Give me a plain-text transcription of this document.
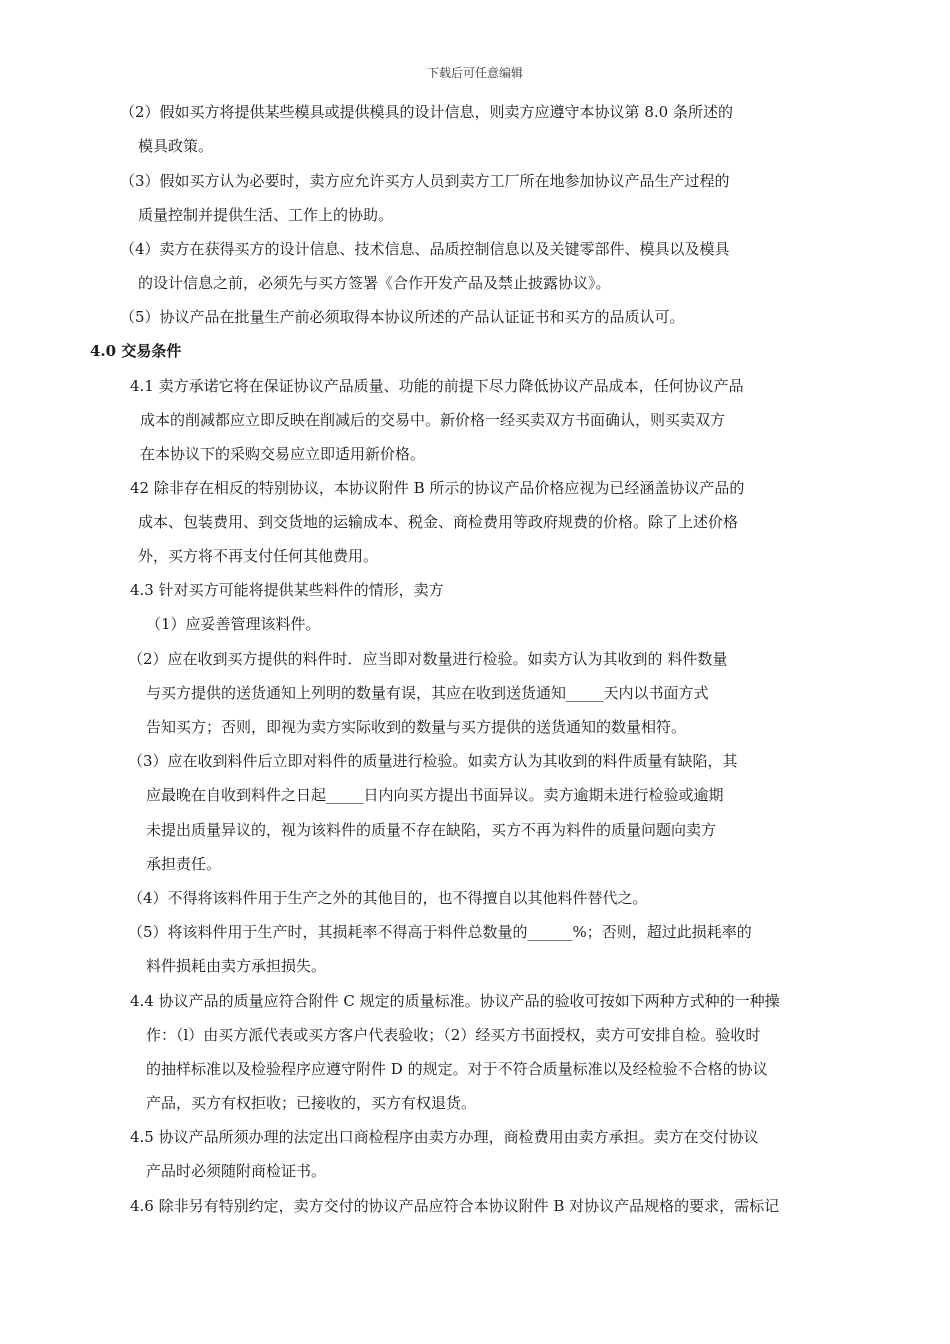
下载后可任意编辑
（2）假如买方将提供某些模具或提供模具的设计信息，则卖方应遵守本协议第 8.0 条所述的
模具政策。
（3）假如买方认为必要时，卖方应允许买方人员到卖方工厂所在地参加协议产品生产过程的
质量控制并提供生活、工作上的协助。
（4）卖方在获得买方的设计信息、技术信息、品质控制信息以及关键零部件、模具以及模具
的设计信息之前，必须先与买方签署《合作开发产品及禁止披露协议》。
（5）协议产品在批量生产前必须取得本协议所述的产品认证证书和买方的品质认可。
4.0 交易条件
4.1 卖方承诺它将在保证协议产品质量、功能的前提下尽力降低协议产品成本，任何协议产品
成本的削减都应立即反映在削减后的交易中。新价格一经买卖双方书面确认，则买卖双方
在本协议下的采购交易应立即适用新价格。
42 除非存在相反的特别协议，本协议附件 B 所示的协议产品价格应视为已经涵盖协议产品的
成本、包装费用、到交货地的运输成本、税金、商检费用等政府规费的价格。除了上述价格
外，买方将不再支付任何其他费用。
4.3 针对买方可能将提供某些料件的情形，卖方
（1）应妥善管理该料件。
（2）应在收到买方提供的料件时．应当即对数量进行检验。如卖方认为其收到的 料件数量
与买方提供的送货通知上列明的数量有误，其应在收到送货通知_____天内以书面方式
告知买方；否则，即视为卖方实际收到的数量与买方提供的送货通知的数量相符。
（3）应在收到料件后立即对料件的质量进行检验。如卖方认为其收到的料件质量有缺陷，其
应最晚在自收到料件之日起_____日内向买方提出书面异议。卖方逾期未进行检验或逾期
未提出质量异议的，视为该料件的质量不存在缺陷，买方不再为料件的质量问题向卖方
承担责任。
（4）不得将该料件用于生产之外的其他目的，也不得擅自以其他料件替代之。
（5）将该料件用于生产时，其损耗率不得高于料件总数量的______%；否则，超过此损耗率的
料件损耗由卖方承担损失。
4.4 协议产品的质量应符合附件 C 规定的质量标准。协议产品的验收可按如下两种方式种的一种操
作：（l）由买方派代表或买方客户代表验收；（2）经买方书面授权，卖方可安排自检。验收时
的抽样标准以及检验程序应遵守附件 D 的规定。对于不符合质量标准以及经检验不合格的协议
产品，买方有权拒收；已接收的，买方有权退货。
4.5 协议产品所须办理的法定出口商检程序由卖方办理，商检费用由卖方承担。卖方在交付协议
产品时必须随附商检证书。
4.6 除非另有特别约定，卖方交付的协议产品应符合本协议附件 B 对协议产品规格的要求，需标记
